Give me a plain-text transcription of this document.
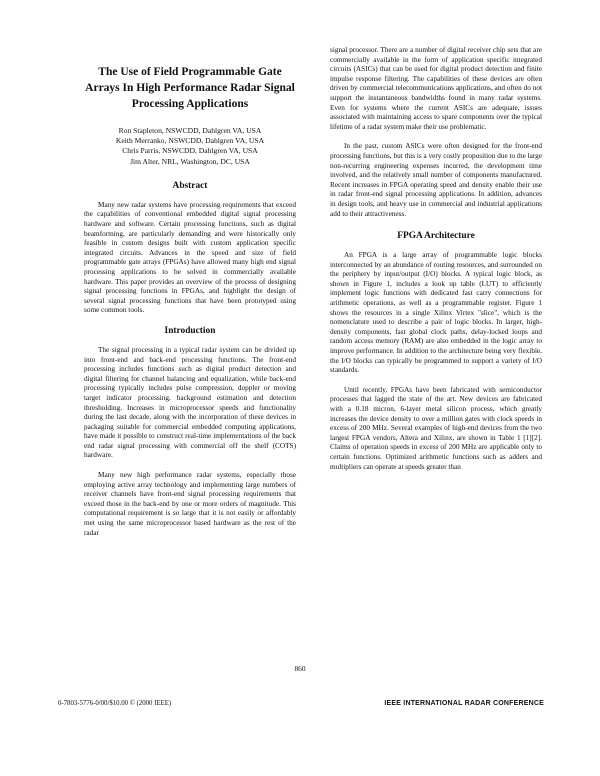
The Use of Field Programmable Gate Arrays In High Performance Radar Signal Processing Applications
Ron Stapleton, NSWCDD, Dahlgren VA, USA
Keith Merranko, NSWCDD, Dahlgren VA, USA
Chris Parris, NSWCDD, Dahlgren VA, USA
Jim Alter, NRL, Washington, DC, USA
Abstract

Many new radar systems have processing requirements that exceed the capabilities of conventional embedded digital signal processing hardware and software. Certain processing functions, such as digital beamforming, are particularly demanding and were historically only feasible in custom designs built with custom application specific integrated circuits. Advances in the speed and size of field programmable gate arrays (FPGAs) have allowed many high end signal processing applications to be solved in commercially available hardware. This paper provides an overview of the process of designing signal processing functions in FPGAs, and highlight the design of several signal processing functions that have been prototyped using some common tools.

Introduction

The signal processing in a typical radar system can be divided up into front-end and back-end processing functions. The front-end processing includes functions such as digital product detection and digital filtering for channel balancing and equalization, while back-end processing typically includes pulse compression, doppler or moving target indicator processing, background estimation and detection thresholding. Increases in microprocessor speeds and functionality during the last decade, along with the incorporation of these devices in packaging suitable for commercial embedded computing applications, have made it possible to construct real-time implementations of the back end radar signal processing with commercial off the shelf (COTS) hardware.

Many new high performance radar systems, especially those employing active array technology and implementing large numbers of receiver channels have front-end signal processing requirements that exceed those in the back-end by one or more orders of magnitude. This computational requirement is so large that it is not easily or affordably met using the same microprocessor based hardware as the rest of the radar

signal processor. There are a number of digital receiver chip sets that are commercially available in the form of application specific integrated circuits (ASICs) that can be used for digital product detection and finite impulse response filtering. The capabilities of these devices are often driven by commercial telecommunications applications, and often do not support the instantaneous bandwidths found in many radar systems. Even for systems where the current ASICs are adequate, issues associated with maintaining access to spare components over the typical lifetime of a radar system make their use problematic.

In the past, custom ASICs were often designed for the front-end processing functions, but this is a very costly proposition due to the large non-recurring engineering expenses incurred, the development time involved, and the relatively small number of components manufactured. Recent increases in FPGA operating speed and density enable their use in radar front-end signal processing applications. In addition, advances in design tools, and heavy use in commercial and industrial applications add to their attractiveness.

FPGA Architecture

An FPGA is a large array of programmable logic blocks interconnected by an abundance of routing resources, and surrounded on the periphery by input/output (I/O) blocks. A typical logic block, as shown in Figure 1, includes a look up table (LUT) to efficiently implement logic functions with dedicated fast carry connections for arithmetic operations, as well as a programmable register. Figure 1 shows the resources in a single Xilinx Virtex "slice", which is the nomenclature used to describe a pair of logic blocks. In larger, high-density components, fast global clock paths, delay-locked loops and random access memory (RAM) are also embedded in the logic array to improve performance. In addition to the architecture being very flexible, the I/O blocks can typically be programmed to support a variety of I/O standards.

Until recently, FPGAs have been fabricated with semiconductor processes that lagged the state of the art. New devices are fabricated with a 0.18 micron, 6-layer metal silicon process, which greatly increases the device density to over a million gates with clock speeds in excess of 200 MHz. Several examples of high-end devices from the two largest FPGA vendors, Altera and Xilinx, are shown in Table 1 [1][2]. Claims of operation speeds in excess of 200 MHz are applicable only to certain functions. Optimized arithmetic functions such as adders and multipliers can operate at speeds greater than

860
0-7803-5776-0/00/$10.00 © (2000 IEEE)	IEEE INTERNATIONAL RADAR CONFERENCE
